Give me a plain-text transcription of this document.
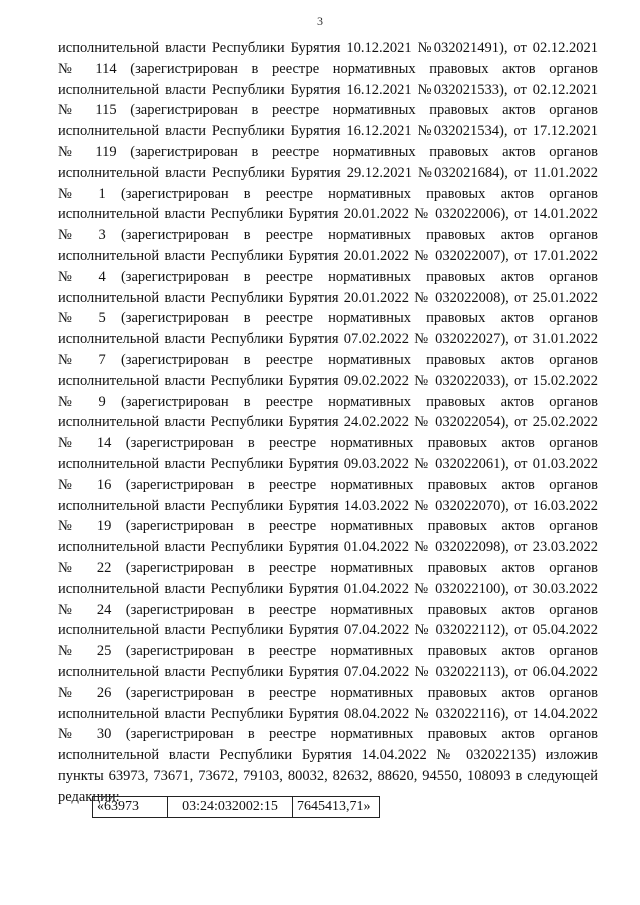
3
исполнительной власти Республики Бурятия 10.12.2021 №032021491), от 02.12.2021
№ 114 (зарегистрирован в реестре нормативных правовых актов органов
исполнительной власти Республики Бурятия 16.12.2021 №032021533), от 02.12.2021
№ 115 (зарегистрирован в реестре нормативных правовых актов органов
исполнительной власти Республики Бурятия 16.12.2021 №032021534), от 17.12.2021
№ 119 (зарегистрирован в реестре нормативных правовых актов органов
исполнительной власти Республики Бурятия 29.12.2021 №032021684), от 11.01.2022
№ 1 (зарегистрирован в реестре нормативных правовых актов органов
исполнительной власти Республики Бурятия 20.01.2022 № 032022006), от 14.01.2022
№ 3 (зарегистрирован в реестре нормативных правовых актов органов
исполнительной власти Республики Бурятия 20.01.2022 № 032022007), от 17.01.2022
№ 4 (зарегистрирован в реестре нормативных правовых актов органов
исполнительной власти Республики Бурятия 20.01.2022 № 032022008), от 25.01.2022
№ 5 (зарегистрирован в реестре нормативных правовых актов органов
исполнительной власти Республики Бурятия 07.02.2022 № 032022027), от 31.01.2022
№ 7 (зарегистрирован в реестре нормативных правовых актов органов
исполнительной власти Республики Бурятия 09.02.2022 № 032022033), от 15.02.2022
№ 9 (зарегистрирован в реестре нормативных правовых актов органов
исполнительной власти Республики Бурятия 24.02.2022 № 032022054), от 25.02.2022
№ 14 (зарегистрирован в реестре нормативных правовых актов органов
исполнительной власти Республики Бурятия 09.03.2022 № 032022061), от 01.03.2022
№ 16 (зарегистрирован в реестре нормативных правовых актов органов
исполнительной власти Республики Бурятия 14.03.2022 № 032022070), от 16.03.2022
№ 19 (зарегистрирован в реестре нормативных правовых актов органов
исполнительной власти Республики Бурятия 01.04.2022 № 032022098), от 23.03.2022
№ 22 (зарегистрирован в реестре нормативных правовых актов органов
исполнительной власти Республики Бурятия 01.04.2022 № 032022100), от 30.03.2022
№ 24 (зарегистрирован в реестре нормативных правовых актов органов
исполнительной власти Республики Бурятия 07.04.2022 № 032022112), от 05.04.2022
№ 25 (зарегистрирован в реестре нормативных правовых актов органов
исполнительной власти Республики Бурятия 07.04.2022 № 032022113), от 06.04.2022
№ 26 (зарегистрирован в реестре нормативных правовых актов органов
исполнительной власти Республики Бурятия 08.04.2022 № 032022116), от 14.04.2022
№ 30 (зарегистрирован в реестре нормативных правовых актов органов
исполнительной власти Республики Бурятия 14.04.2022 № 032022135) изложив
пункты 63973, 73671, 73672, 79103, 80032, 82632, 88620, 94550, 108093 в следующей
редакции:
«63973	03:24:032002:15	7645413,71»
